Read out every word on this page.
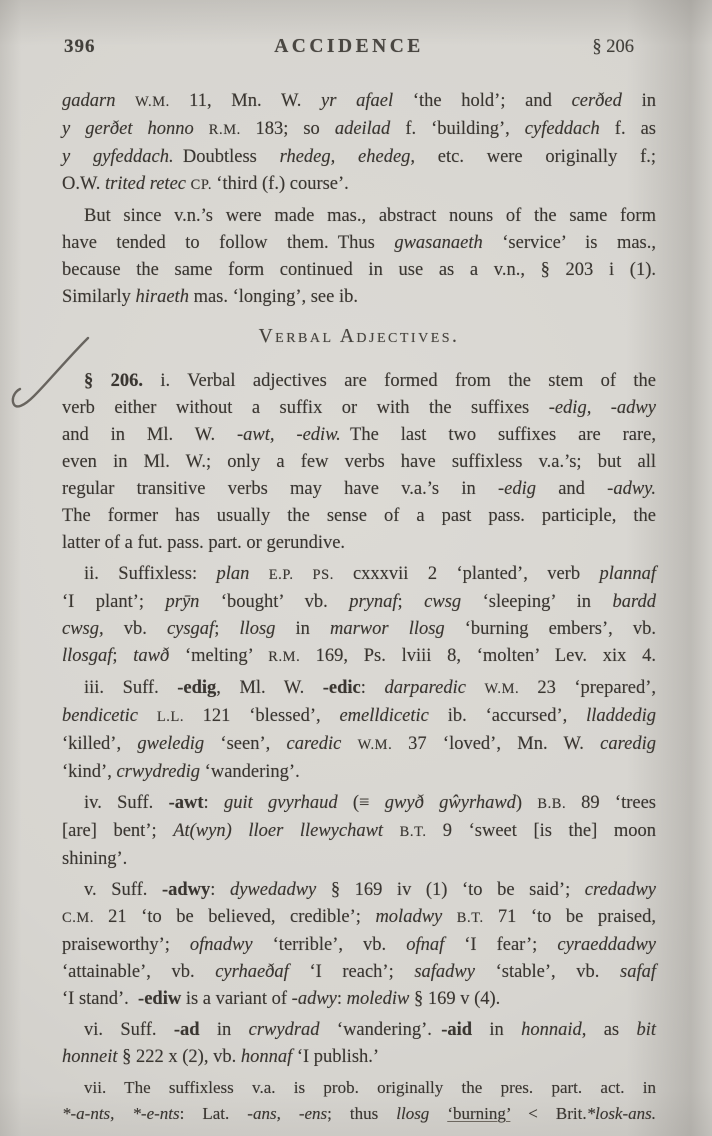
396	ACCIDENCE	§ 206
gadarn W.M. 11, Mn. W. yr afael ‘the hold’; and cerðed in
y gerðet honno R.M. 183; so adeilad f. ‘building’, cyfeddach f. as
y gyfeddach. Doubtless rhedeg, ehedeg, etc. were originally f.;
O.W. trited retec CP. ‘third (f.) course’.
But since v.n.’s were made mas., abstract nouns of the same form
have tended to follow them. Thus gwasanaeth ‘service’ is mas.,
because the same form continued in use as a v.n., § 203 i (1).
Similarly hiraeth mas. ‘longing’, see ib.
Verbal Adjectives.
§ 206. i. Verbal adjectives are formed from the stem of the
verb either without a suffix or with the suffixes -edig, -adwy
and in Ml. W. -awt, -ediw. The last two suffixes are rare,
even in Ml. W.; only a few verbs have suffixless v.a.’s; but all
regular transitive verbs may have v.a.’s in -edig and -adwy.
The former has usually the sense of a past pass. participle, the
latter of a fut. pass. part. or gerundive.
ii. Suffixless: plan E.P. PS. cxxxvii 2 ‘planted’, verb plannaf
‘I plant’; prȳn ‘bought’ vb. prynaf; cwsg ‘sleeping’ in bardd
cwsg, vb. cysgaf; llosg in marwor llosg ‘burning embers’, vb.
llosgaf; tawð ‘melting’ R.M. 169, Ps. lviii 8, ‘molten’ Lev. xix 4.
iii. Suff. -edig, Ml. W. -edic: darparedic W.M. 23 ‘prepared’,
bendicetic L.L. 121 ‘blessed’, emelldicetic ib. ‘accursed’, lladdedig
‘killed’, gweledig ‘seen’, caredic W.M. 37 ‘loved’, Mn. W. caredig
‘kind’, crwydredig ‘wandering’.
iv. Suff. -awt: guit gvyrhaud (≡ gwyð gŵyrhawd) B.B. 89 ‘trees
[are] bent’; At(wyn) lloer llewychawt B.T. 9 ‘sweet [is the] moon
shining’.
v. Suff. -adwy: dywedadwy § 169 iv (1) ‘to be said’; credadwy
C.M. 21 ‘to be believed, credible’; moladwy B.T. 71 ‘to be praised,
praiseworthy’; ofnadwy ‘terrible’, vb. ofnaf ‘I fear’; cyraeddadwy
‘attainable’, vb. cyrhaeðaf ‘I reach’; safadwy ‘stable’, vb. safaf
‘I stand’. -ediw is a variant of -adwy: molediw § 169 v (4).
vi. Suff. -ad in crwydrad ‘wandering’. -aid in honnaid, as bit
honneit § 222 x (2), vb. honnaf ‘I publish.’
vii. The suffixless v.a. is prob. originally the pres. part. act. in
*-a-nts, *-e-nts: Lat. -ans, -ens; thus llosg ‘burning’ < Brit.*losk-ans.
